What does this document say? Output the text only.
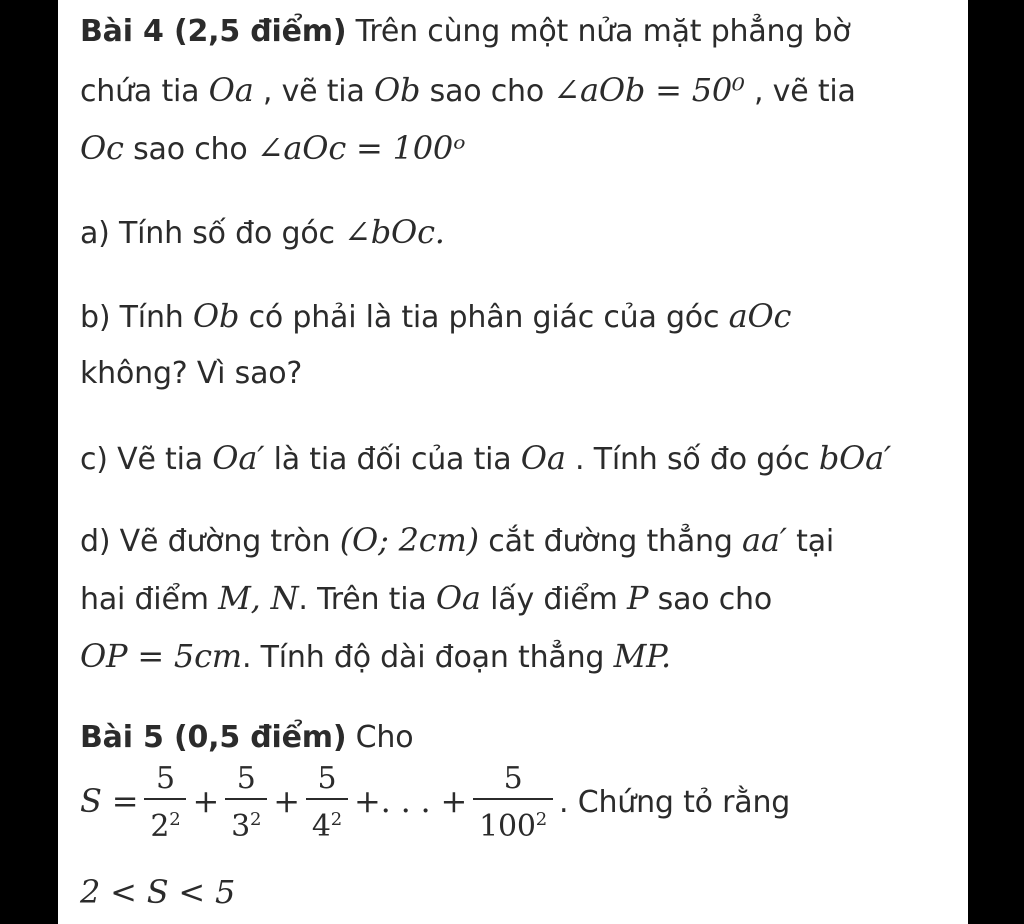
Bài 4 (2,5 điểm) Trên cùng một nửa mặt phẳng bờ
chứa tia Oa , vẽ tia Ob sao cho ∠aOb = 50⁰ , vẽ tia
Oc sao cho ∠aOc = 100ᵒ
a) Tính số đo góc ∠bOc.
b) Tính Ob có phải là tia phân giác của góc aOc
không? Vì sao?
c) Vẽ tia Oa′ là tia đối của tia Oa . Tính số đo góc bOa′
d) Vẽ đường tròn (O; 2cm) cắt đường thẳng aa′ tại
hai điểm M, N. Trên tia Oa lấy điểm P sao cho
OP = 5cm. Tính độ dài đoạn thẳng MP.
Bài 5 (0,5 điểm) Cho
$S = \frac{5}{2^2} + \frac{5}{3^2} + \frac{5}{4^2}$ +. . . + $\frac{5}{100^2}$ . Chứng tỏ rằng
2 < S < 5
